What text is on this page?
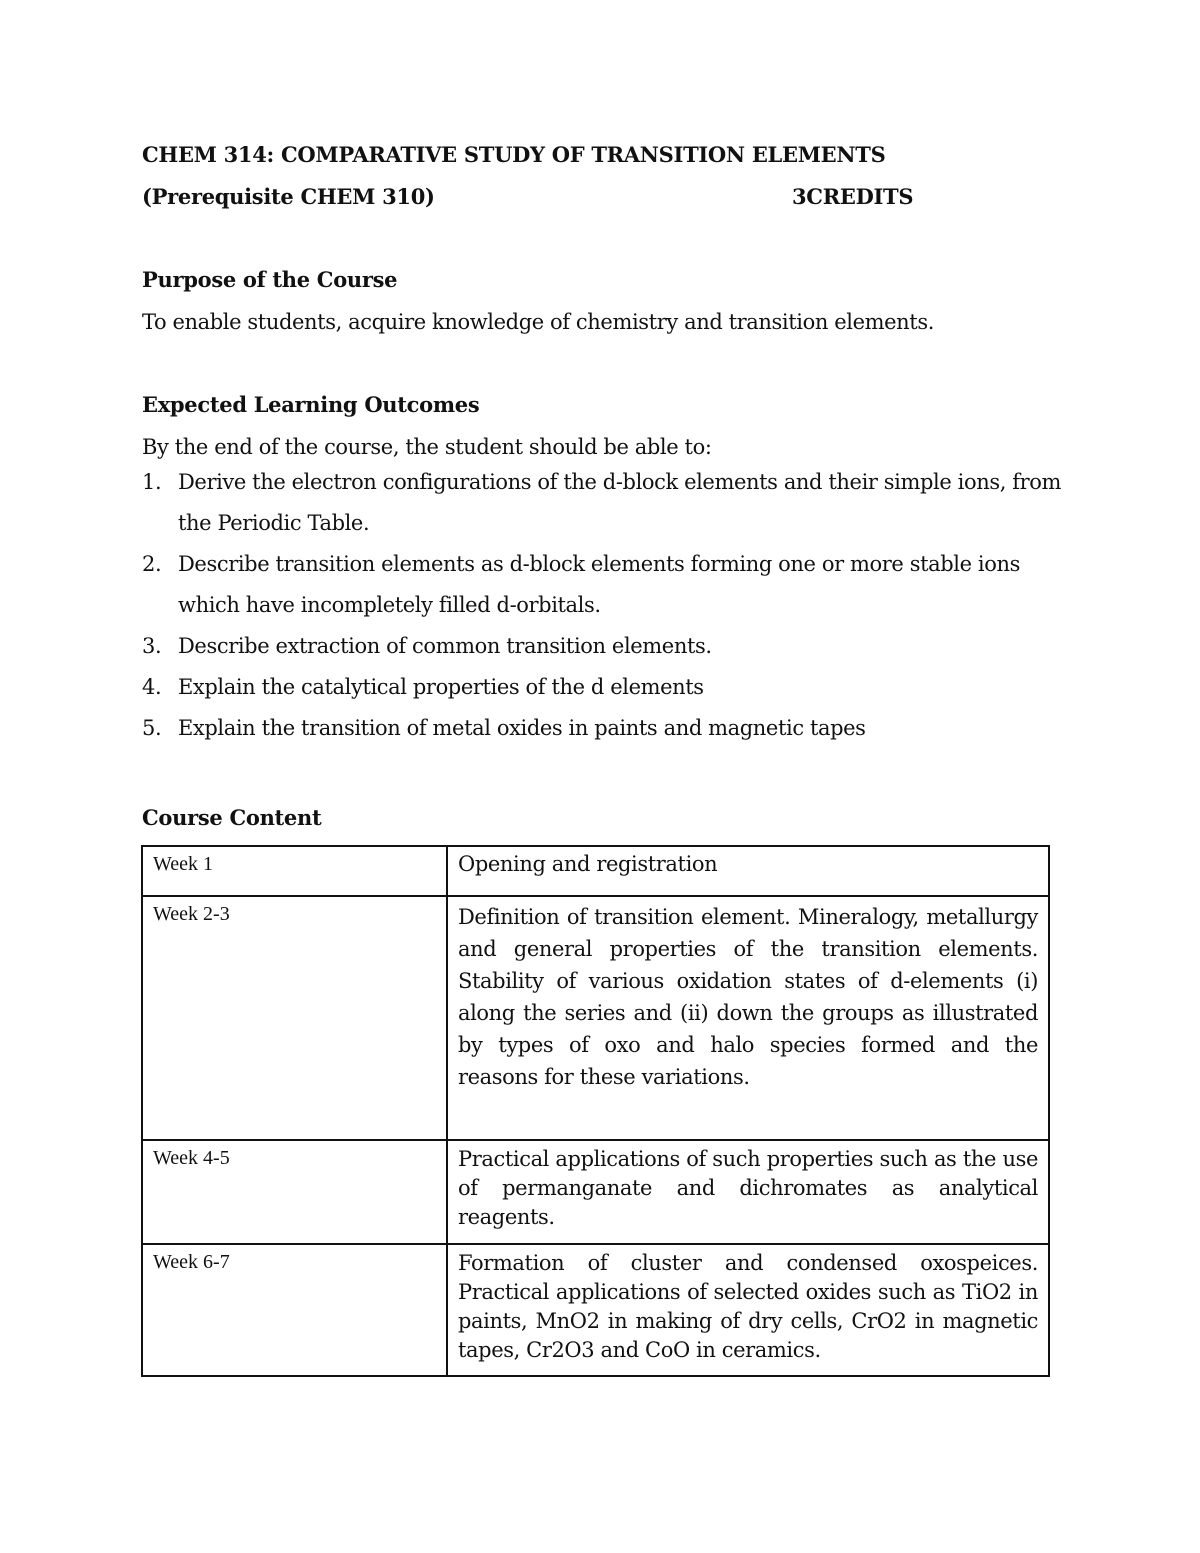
CHEM 314: COMPARATIVE STUDY OF TRANSITION ELEMENTS

(Prerequisite CHEM 310)	3CREDITS

Purpose of the Course

To enable students, acquire knowledge of chemistry and transition elements.

Expected Learning Outcomes

By the end of the course, the student should be able to:

1. Derive the electron configurations of the d-block elements and their simple ions, from the Periodic Table.
2. Describe transition elements as d-block elements forming one or more stable ions which have incompletely filled d-orbitals.
3. Describe extraction of common transition elements.
4. Explain the catalytical properties of the d elements
5. Explain the transition of metal oxides in paints and magnetic tapes

Course Content

Week 1	Opening and registration
Week 2-3	Definition of transition element. Mineralogy, metallurgy and general properties of the transition elements. Stability of various oxidation states of d-elements (i) along the series and (ii) down the groups as illustrated by types of oxo and halo species formed and the reasons for these variations.
Week 4-5	Practical applications of such properties such as the use of permanganate and dichromates as analytical reagents.
Week 6-7	Formation of cluster and condensed oxospeices. Practical applications of selected oxides such as TiO2 in paints, MnO2 in making of dry cells, CrO2 in magnetic tapes, Cr2O3 and CoO in ceramics.
